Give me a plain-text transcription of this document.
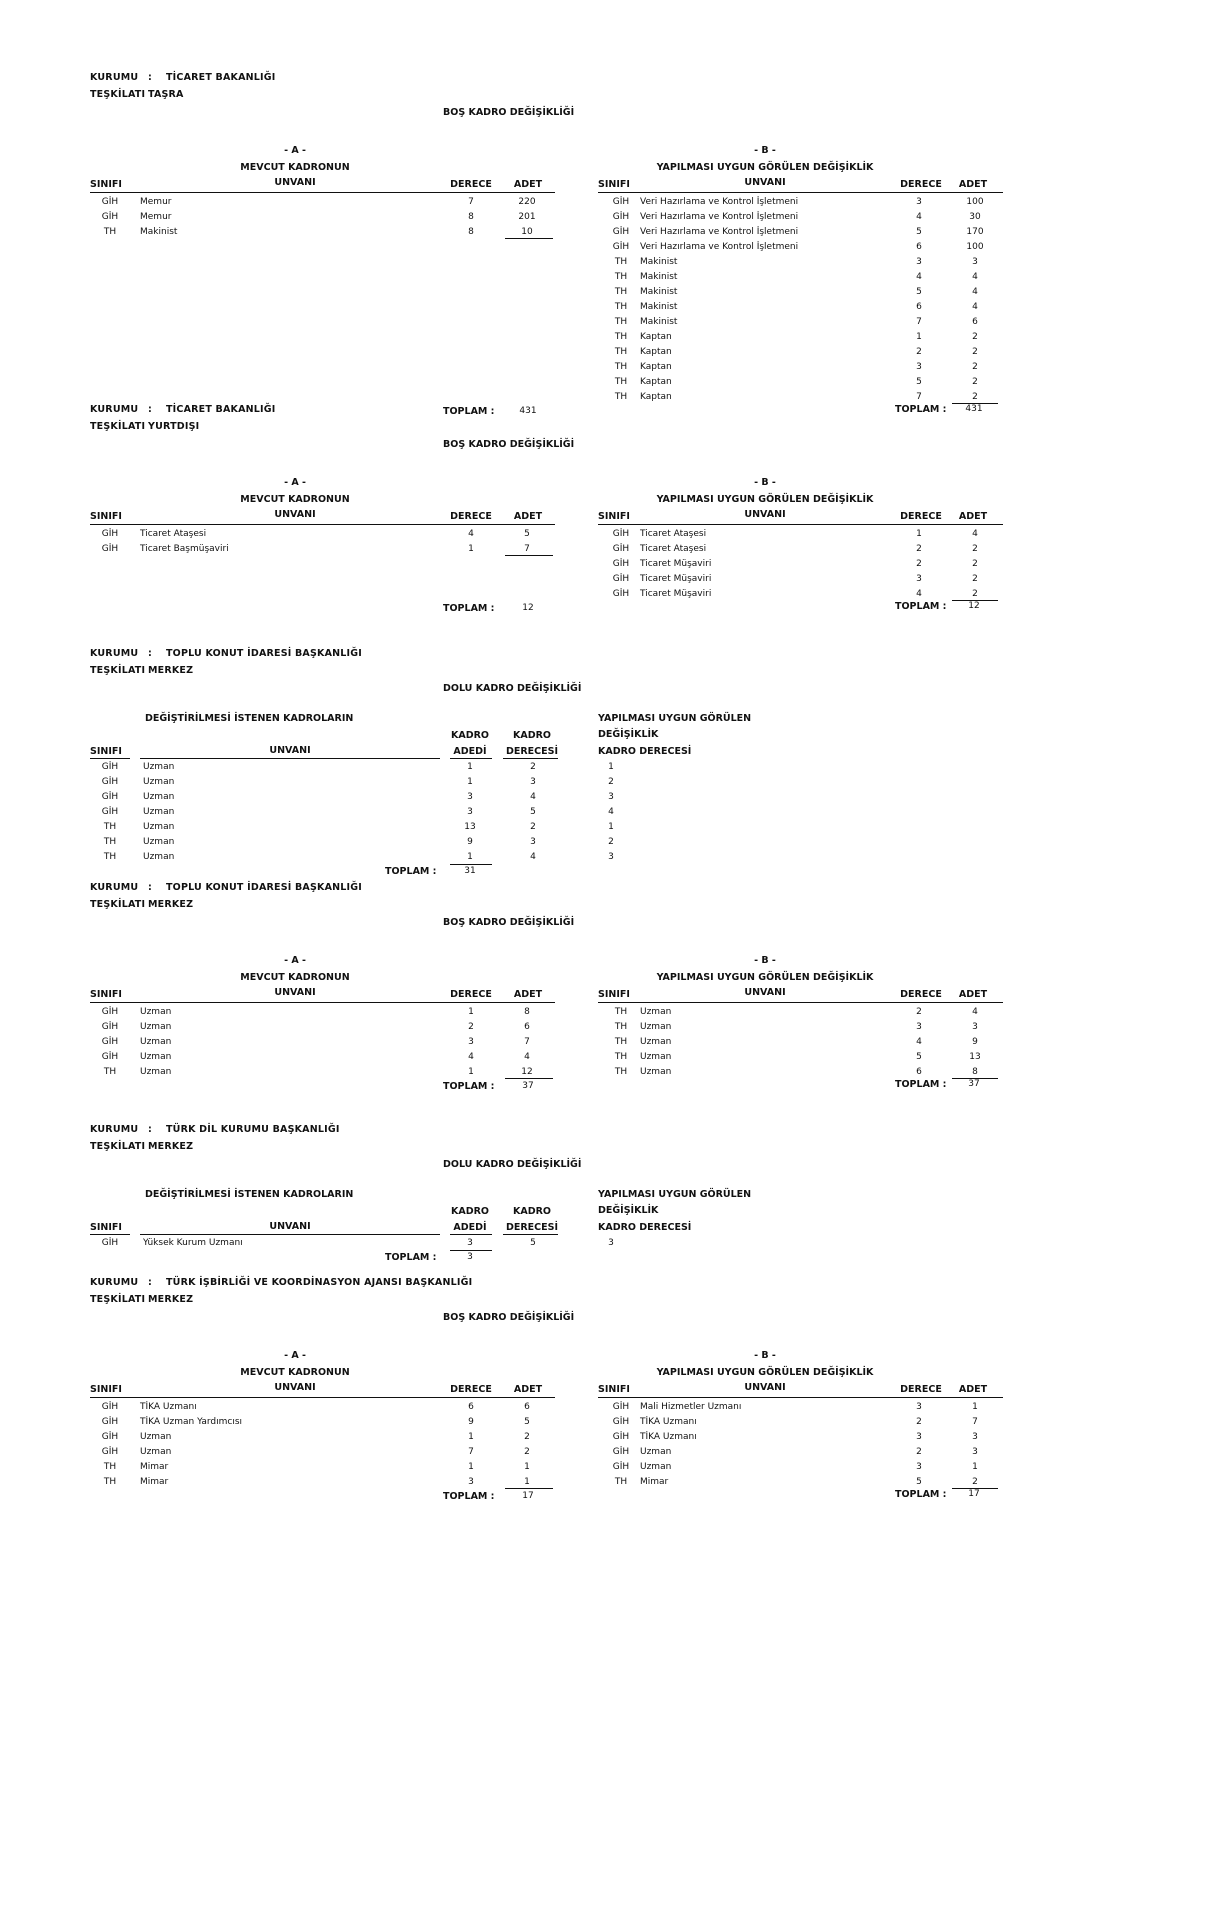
KURUMU : TİCARET BAKANLIĞI
TEŞKİLATI TAŞRA
BOŞ KADRO DEĞİŞİKLİĞİ
- A -
MEVCUT KADRONUN
SINIFI	UNVANI	DERECE	ADET
- B -
YAPILMASI UYGUN GÖRÜLEN DEĞİŞİKLİK
SINIFI	UNVANI	DERECE	ADET
GİH	Memur	7	220
GİH	Memur	8	201
TH	Makinist	8	10
GİH	Veri Hazırlama ve Kontrol İşletmeni	3	100
GİH	Veri Hazırlama ve Kontrol İşletmeni	4	30
GİH	Veri Hazırlama ve Kontrol İşletmeni	5	170
GİH	Veri Hazırlama ve Kontrol İşletmeni	6	100
TH	Makinist	3	3
TH	Makinist	4	4
TH	Makinist	5	4
TH	Makinist	6	4
TH	Makinist	7	6
TH	Kaptan	1	2
TH	Kaptan	2	2
TH	Kaptan	3	2
TH	Kaptan	5	2
TH	Kaptan	7	2
TOPLAM :	431	TOPLAM :	431
KURUMU : TİCARET BAKANLIĞI
TEŞKİLATI YURTDIŞI
BOŞ KADRO DEĞİŞİKLİĞİ
- A -
MEVCUT KADRONUN
SINIFI	UNVANI	DERECE	ADET
- B -
YAPILMASI UYGUN GÖRÜLEN DEĞİŞİKLİK
SINIFI	UNVANI	DERECE	ADET
GİH	Ticaret Ataşesi	4	5
GİH	Ticaret Başmüşaviri	1	7
GİH	Ticaret Ataşesi	1	4
GİH	Ticaret Ataşesi	2	2
GİH	Ticaret Müşaviri	2	2
GİH	Ticaret Müşaviri	3	2
GİH	Ticaret Müşaviri	4	2
TOPLAM :	12	TOPLAM :	12
KURUMU : TOPLU KONUT İDARESİ BAŞKANLIĞI
TEŞKİLATI MERKEZ
DOLU KADRO DEĞİŞİKLİĞİ
DEĞİŞTİRİLMESİ İSTENEN KADROLARIN	YAPILMASI UYGUN GÖRÜLEN
DEĞİŞİKLİK
KADRO	KADRO
SINIFI	UNVANI	ADEDİ	DERECESİ	KADRO DERECESİ
GİH	Uzman	1	2	1
GİH	Uzman	1	3	2
GİH	Uzman	3	4	3
GİH	Uzman	3	5	4
TH	Uzman	13	2	1
TH	Uzman	9	3	2
TH	Uzman	1	4	3
TOPLAM :	31
KURUMU : TOPLU KONUT İDARESİ BAŞKANLIĞI
TEŞKİLATI MERKEZ
BOŞ KADRO DEĞİŞİKLİĞİ
- A -
MEVCUT KADRONUN
SINIFI	UNVANI	DERECE	ADET
- B -
YAPILMASI UYGUN GÖRÜLEN DEĞİŞİKLİK
SINIFI	UNVANI	DERECE	ADET
GİH	Uzman	1	8
GİH	Uzman	2	6
GİH	Uzman	3	7
GİH	Uzman	4	4
TH	Uzman	1	12
TH	Uzman	2	4
TH	Uzman	3	3
TH	Uzman	4	9
TH	Uzman	5	13
TH	Uzman	6	8
TOPLAM :	37	TOPLAM :	37
KURUMU : TÜRK DİL KURUMU BAŞKANLIĞI
TEŞKİLATI MERKEZ
DOLU KADRO DEĞİŞİKLİĞİ
DEĞİŞTİRİLMESİ İSTENEN KADROLARIN	YAPILMASI UYGUN GÖRÜLEN
DEĞİŞİKLİK
KADRO	KADRO
SINIFI	UNVANI	ADEDİ	DERECESİ	KADRO DERECESİ
GİH	Yüksek Kurum Uzmanı	3	5	3
TOPLAM :	3
KURUMU : TÜRK İŞBİRLİĞİ VE KOORDİNASYON AJANSI BAŞKANLIĞI
TEŞKİLATI MERKEZ
BOŞ KADRO DEĞİŞİKLİĞİ
- A -
MEVCUT KADRONUN
SINIFI	UNVANI	DERECE	ADET
- B -
YAPILMASI UYGUN GÖRÜLEN DEĞİŞİKLİK
SINIFI	UNVANI	DERECE	ADET
GİH	TİKA Uzmanı	6	6
GİH	TİKA Uzman Yardımcısı	9	5
GİH	Uzman	1	2
GİH	Uzman	7	2
TH	Mimar	1	1
TH	Mimar	3	1
GİH	Mali Hizmetler Uzmanı	3	1
GİH	TİKA Uzmanı	2	7
GİH	TİKA Uzmanı	3	3
GİH	Uzman	2	3
GİH	Uzman	3	1
TH	Mimar	5	2
TOPLAM :	17	TOPLAM :	17
